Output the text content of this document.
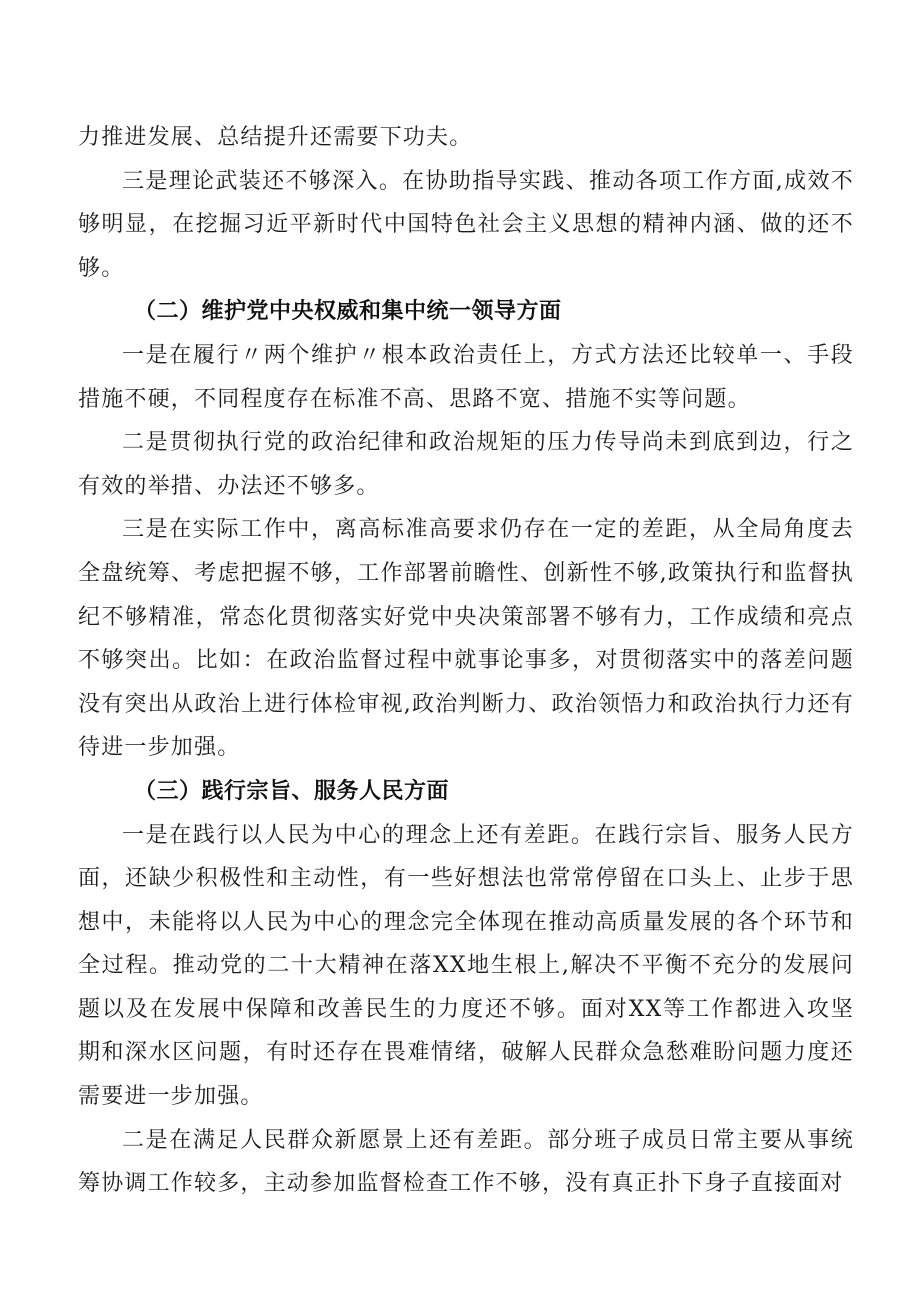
力推进发展、总结提升还需要下功夫。

三是理论武装还不够深入。在协助指导实践、推动各项工作方面,成效不够明显，在挖掘习近平新时代中国特色社会主义思想的精神内涵、做的还不够。

（二）维护党中央权威和集中统一领导方面

一是在履行〃两个维护〃根本政治责任上，方式方法还比较单一、手段措施不硬，不同程度存在标准不高、思路不宽、措施不实等问题。

二是贯彻执行党的政治纪律和政治规矩的压力传导尚未到底到边，行之有效的举措、办法还不够多。

三是在实际工作中，离高标准高要求仍存在一定的差距，从全局角度去全盘统筹、考虑把握不够，工作部署前瞻性、创新性不够,政策执行和监督执纪不够精准，常态化贯彻落实好党中央决策部署不够有力，工作成绩和亮点不够突出。比如：在政治监督过程中就事论事多，对贯彻落实中的落差问题没有突出从政治上进行体检审视,政治判断力、政治领悟力和政治执行力还有待进一步加强。

（三）践行宗旨、服务人民方面

一是在践行以人民为中心的理念上还有差距。在践行宗旨、服务人民方面，还缺少积极性和主动性，有一些好想法也常常停留在口头上、止步于思想中，未能将以人民为中心的理念完全体现在推动高质量发展的各个环节和全过程。推动党的二十大精神在落XX地生根上,解决不平衡不充分的发展问题以及在发展中保障和改善民生的力度还不够。面对XX等工作都进入攻坚期和深水区问题，有时还存在畏难情绪，破解人民群众急愁难盼问题力度还需要进一步加强。

二是在满足人民群众新愿景上还有差距。部分班子成员日常主要从事统筹协调工作较多，主动参加监督检查工作不够，没有真正扑下身子直接面对
